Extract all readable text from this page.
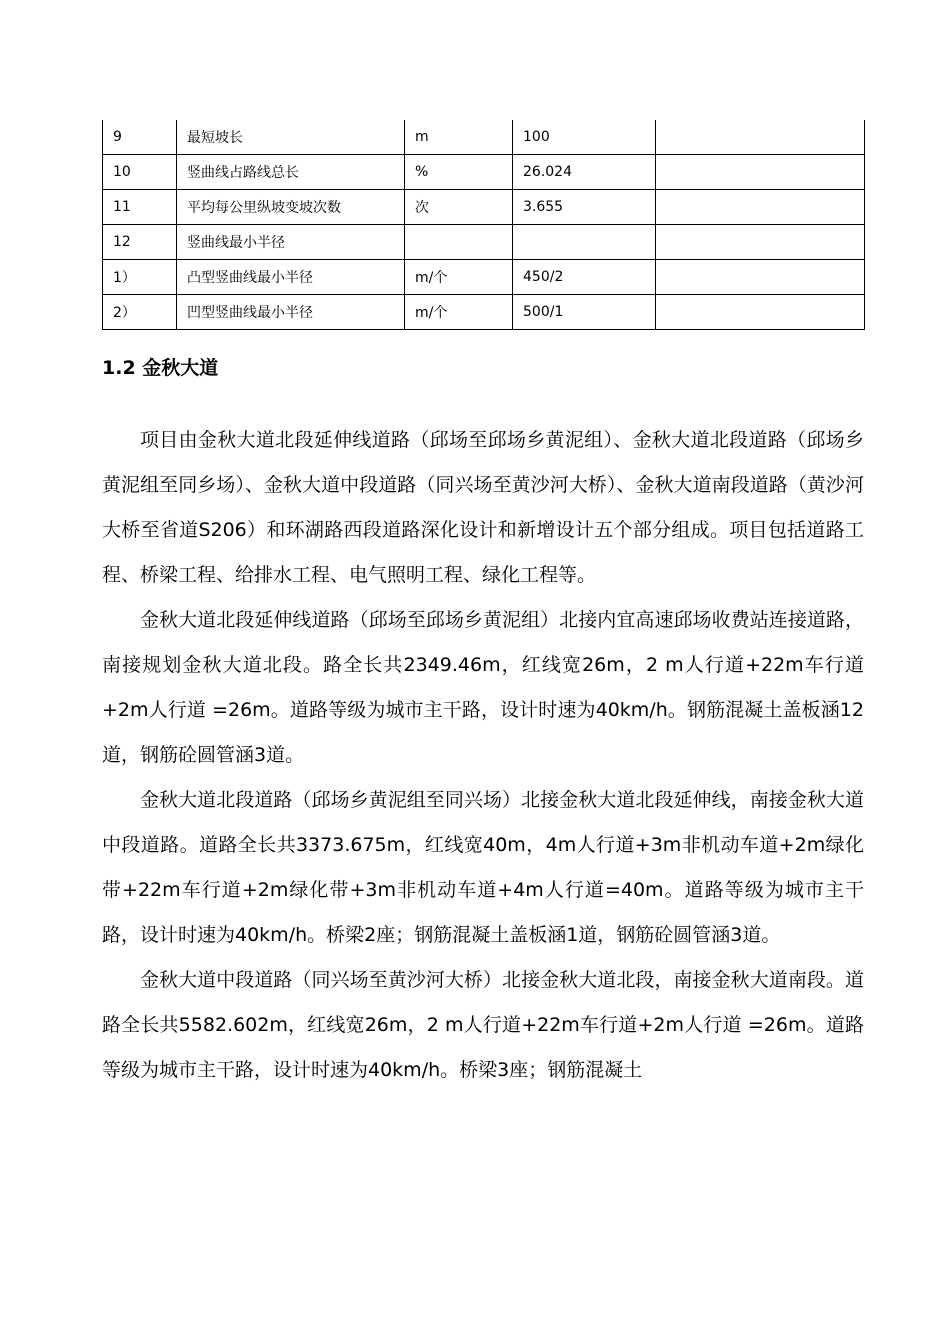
9	最短坡长	m	100	
10	竖曲线占路线总长	%	26.024	
11	平均每公里纵坡变坡次数	次	3.655	
12	竖曲线最小半径			
1）	凸型竖曲线最小半径	m/个	450/2	
2）	凹型竖曲线最小半径	m/个	500/1	
1.2 金秋大道

项目由金秋大道北段延伸线道路（邱场至邱场乡黄泥组）、金秋大道北段道路（邱场乡黄泥组至同乡场）、金秋大道中段道路（同兴场至黄沙河大桥）、金秋大道南段道路（黄沙河大桥至省道S206）和环湖路西段道路深化设计和新增设计五个部分组成。项目包括道路工程、桥梁工程、给排水工程、电气照明工程、绿化工程等。

金秋大道北段延伸线道路（邱场至邱场乡黄泥组）北接内宜高速邱场收费站连接道路，南接规划金秋大道北段。路全长共2349.46m，红线宽26m，2 m人行道+22m车行道+2m人行道 =26m。道路等级为城市主干路，设计时速为40km/h。钢筋混凝土盖板涵12道，钢筋砼圆管涵3道。

金秋大道北段道路（邱场乡黄泥组至同兴场）北接金秋大道北段延伸线，南接金秋大道中段道路。道路全长共3373.675m，红线宽40m，4m人行道+3m非机动车道+2m绿化带+22m车行道+2m绿化带+3m非机动车道+4m人行道=40m。道路等级为城市主干路，设计时速为40km/h。桥梁2座；钢筋混凝土盖板涵1道，钢筋砼圆管涵3道。

金秋大道中段道路（同兴场至黄沙河大桥）北接金秋大道北段，南接金秋大道南段。道路全长共5582.602m，红线宽26m，2 m人行道+22m车行道+2m人行道 =26m。道路等级为城市主干路，设计时速为40km/h。桥梁3座；钢筋混凝土
